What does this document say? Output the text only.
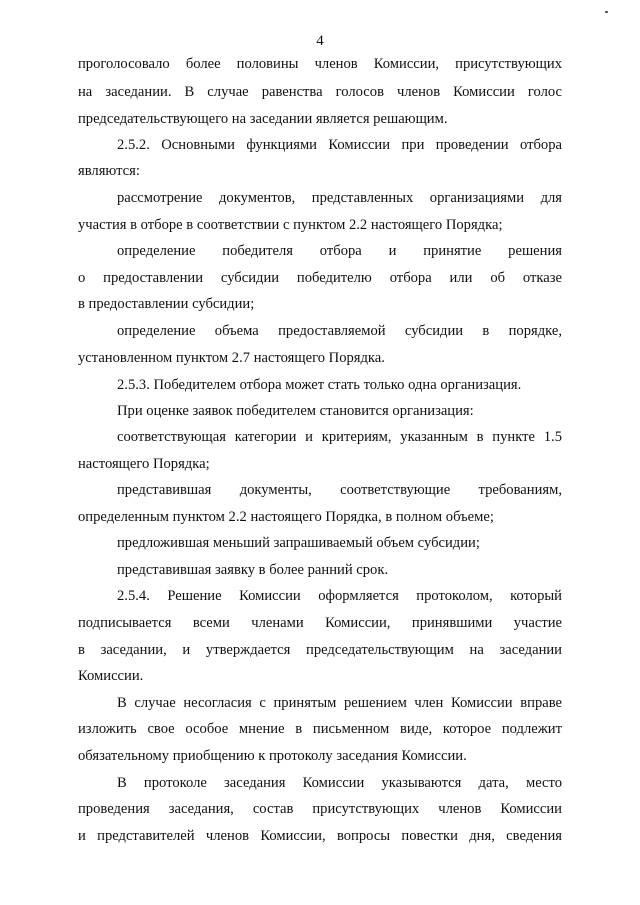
4
проголосовало более половины членов Комиссии, присутствующих
на заседании. В случае равенства голосов членов Комиссии голос
председательствующего на заседании является решающим.
2.5.2. Основными функциями Комиссии при проведении отбора
являются:
рассмотрение документов, представленных организациями для
участия в отборе в соответствии с пунктом 2.2 настоящего Порядка;
определение победителя отбора и принятие решения
о предоставлении субсидии победителю отбора или об отказе
в предоставлении субсидии;
определение объема предоставляемой субсидии в порядке,
установленном пунктом 2.7 настоящего Порядка.
2.5.3. Победителем отбора может стать только одна организация.
При оценке заявок победителем становится организация:
соответствующая категории и критериям, указанным в пункте 1.5
настоящего Порядка;
представившая документы, соответствующие требованиям,
определенным пунктом 2.2 настоящего Порядка, в полном объеме;
предложившая меньший запрашиваемый объем субсидии;
представившая заявку в более ранний срок.
2.5.4. Решение Комиссии оформляется протоколом, который
подписывается всеми членами Комиссии, принявшими участие
в заседании, и утверждается председательствующим на заседании
Комиссии.
В случае несогласия с принятым решением член Комиссии вправе
изложить свое особое мнение в письменном виде, которое подлежит
обязательному приобщению к протоколу заседания Комиссии.
В протоколе заседания Комиссии указываются дата, место
проведения заседания, состав присутствующих членов Комиссии
и представителей членов Комиссии, вопросы повестки дня, сведения
